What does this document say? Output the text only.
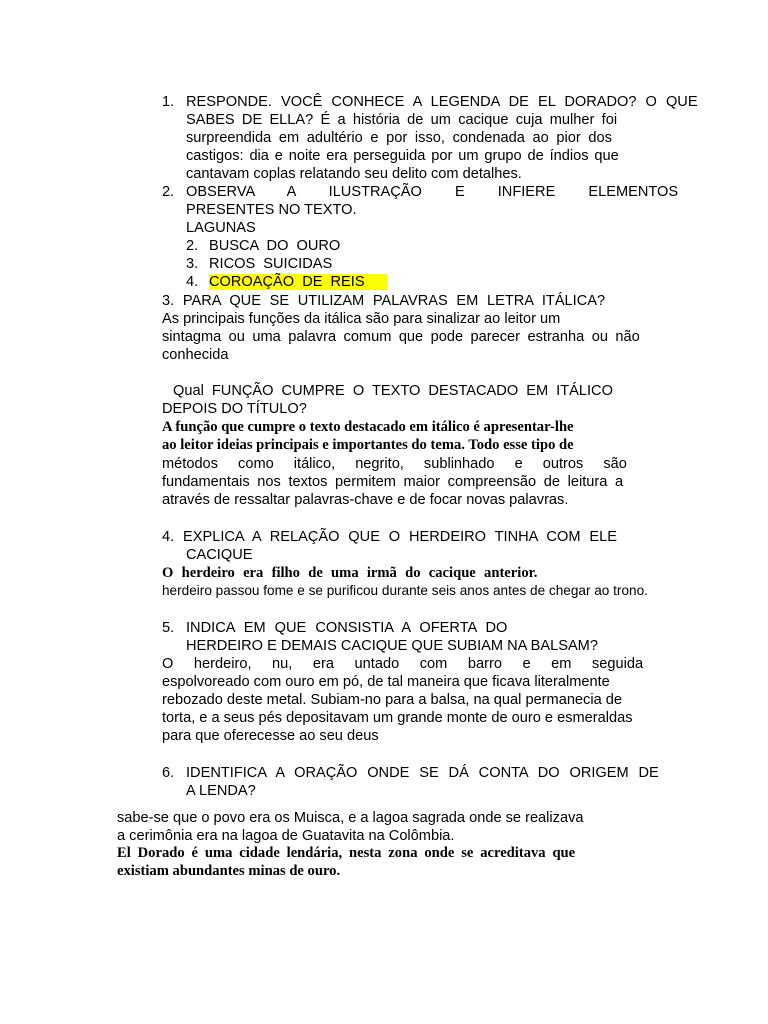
1. RESPONDE. VOCÊ CONHECE A LEGENDA DE EL DORADO? O QUE
SABES DE ELLA? É a história de um cacique cuja mulher foi
surpreendida em adultério e por isso, condenada ao pior dos
castigos: dia e noite era perseguida por um grupo de índios que
cantavam coplas relatando seu delito com detalhes.
2. OBSERVA A ILUSTRAÇÃO E INFIERE ELEMENTOS
PRESENTES NO TEXTO.
LAGUNAS
2. BUSCA DO OURO
3. RICOS SUICIDAS
4. COROAÇÃO DE REIS
3. PARA QUE SE UTILIZAM PALAVRAS EM LETRA ITÁLICA?
As principais funções da itálica são para sinalizar ao leitor um
sintagma ou uma palavra comum que pode parecer estranha ou não
conhecida
Qual FUNÇÃO CUMPRE O TEXTO DESTACADO EM ITÁLICO
DEPOIS DO TÍTULO?
A função que cumpre o texto destacado em itálico é apresentar-lhe
ao leitor ideias principais e importantes do tema. Todo esse tipo de
métodos como itálico, negrito, sublinhado e outros são
fundamentais nos textos permitem maior compreensão de leitura a
através de ressaltar palavras-chave e de focar novas palavras.
4. EXPLICA A RELAÇÃO QUE O HERDEIRO TINHA COM ELE
CACIQUE
O herdeiro era filho de uma irmã do cacique anterior.
herdeiro passou fome e se purificou durante seis anos antes de chegar ao trono.
5. INDICA EM QUE CONSISTIA A OFERTA DO
HERDEIRO E DEMAIS CACIQUE QUE SUBIAM NA BALSAM?
O herdeiro, nu, era untado com barro e em seguida
espolvoreado com ouro em pó, de tal maneira que ficava literalmente
rebozado deste metal. Subiam-no para a balsa, na qual permanecia de
torta, e a seus pés depositavam um grande monte de ouro e esmeraldas
para que oferecesse ao seu deus
6. IDENTIFICA A ORAÇÃO ONDE SE DÁ CONTA DO ORIGEM DE
A LENDA?
sabe-se que o povo era os Muisca, e a lagoa sagrada onde se realizava
a cerimônia era na lagoa de Guatavita na Colômbia.
El Dorado é uma cidade lendária, nesta zona onde se acreditava que
existiam abundantes minas de ouro.
